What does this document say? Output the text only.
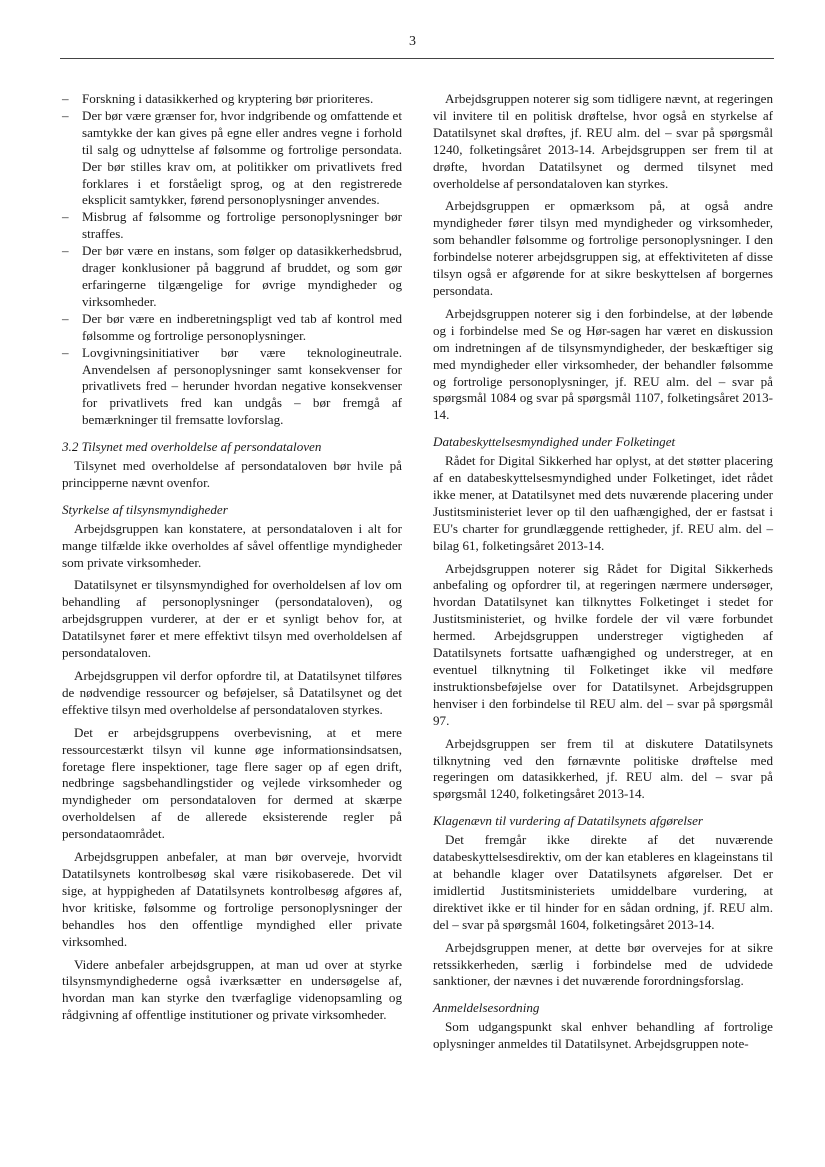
3
– Forskning i datasikkerhed og kryptering bør prioriteres.
– Der bør være grænser for, hvor indgribende og omfattende et samtykke der kan gives på egne eller andres vegne i forhold til salg og udnyttelse af følsomme og fortrolige persondata. Der bør stilles krav om, at politikker om privatlivets fred forklares i et forståeligt sprog, og at den registrerede eksplicit samtykker, førend personoplysninger anvendes.
– Misbrug af følsomme og fortrolige personoplysninger bør straffes.
– Der bør være en instans, som følger op datasikkerhedsbrud, drager konklusioner på baggrund af bruddet, og som gør erfaringerne tilgængelige for øvrige myndigheder og virksomheder.
– Der bør være en indberetningspligt ved tab af kontrol med følsomme og fortrolige personoplysninger.
– Lovgivningsinitiativer bør være teknologineutrale. Anvendelsen af personoplysninger samt konsekvenser for privatlivets fred – herunder hvordan negative konsekvenser for privatlivets fred kan undgås – bør fremgå af bemærkninger til fremsatte lovforslag.
3.2 Tilsynet med overholdelse af persondataloven

Tilsynet med overholdelse af persondataloven bør hvile på principperne nævnt ovenfor.

Styrkelse af tilsynsmyndigheder

Arbejdsgruppen kan konstatere, at persondataloven i alt for mange tilfælde ikke overholdes af såvel offentlige myndigheder som private virksomheder.

Datatilsynet er tilsynsmyndighed for overholdelsen af lov om behandling af personoplysninger (persondataloven), og arbejdsgruppen vurderer, at der er et synligt behov for, at Datatilsynet fører et mere effektivt tilsyn med overholdelsen af persondataloven.

Arbejdsgruppen vil derfor opfordre til, at Datatilsynet tilføres de nødvendige ressourcer og beføjelser, så Datatilsynet og det effektive tilsyn med overholdelse af persondataloven styrkes.

Det er arbejdsgruppens overbevisning, at et mere ressourcestærkt tilsyn vil kunne øge informationsindsatsen, foretage flere inspektioner, tage flere sager op af egen drift, nedbringe sagsbehandlingstider og vejlede virksomheder og myndigheder om persondataloven for dermed at skærpe overholdelsen af de allerede eksisterende regler på persondataområdet.

Arbejdsgruppen anbefaler, at man bør overveje, hvorvidt Datatilsynets kontrolbesøg skal være risikobaserede. Det vil sige, at hyppigheden af Datatilsynets kontrolbesøg afgøres af, hvor kritiske, følsomme og fortrolige personoplysninger der behandles hos den offentlige myndighed eller private virksomhed.

Videre anbefaler arbejdsgruppen, at man ud over at styrke tilsynsmyndighederne også iværksætter en undersøgelse af, hvordan man kan styrke den tværfaglige videnopsamling og rådgivning af offentlige institutioner og private virksomheder.

Arbejdsgruppen noterer sig som tidligere nævnt, at regeringen vil invitere til en politisk drøftelse, hvor også en styrkelse af Datatilsynet skal drøftes, jf. REU alm. del – svar på spørgsmål 1240, folketingsåret 2013-14. Arbejdsgruppen ser frem til at drøfte, hvordan Datatilsynet og dermed tilsynet med overholdelse af persondataloven kan styrkes.

Arbejdsgruppen er opmærksom på, at også andre myndigheder fører tilsyn med myndigheder og virksomheder, som behandler følsomme og fortrolige personoplysninger. I den forbindelse noterer arbejdsgruppen sig, at effektiviteten af disse tilsyn også er afgørende for at sikre beskyttelsen af borgernes persondata.

Arbejdsgruppen noterer sig i den forbindelse, at der løbende og i forbindelse med Se og Hør-sagen har været en diskussion om indretningen af de tilsynsmyndigheder, der beskæftiger sig med myndigheder eller virksomheder, der behandler følsomme og fortrolige personoplysninger, jf. REU alm. del – svar på spørgsmål 1084 og svar på spørgsmål 1107, folketingsåret 2013-14.

Databeskyttelsesmyndighed under Folketinget

Rådet for Digital Sikkerhed har oplyst, at det støtter placering af en databeskyttelsesmyndighed under Folketinget, idet rådet ikke mener, at Datatilsynet med dets nuværende placering under Justitsministeriet lever op til den uafhængighed, der er fastsat i EU's charter for grundlæggende rettigheder, jf. REU alm. del – bilag 61, folketingsåret 2013-14.

Arbejdsgruppen noterer sig Rådet for Digital Sikkerheds anbefaling og opfordrer til, at regeringen nærmere undersøger, hvordan Datatilsynet kan tilknyttes Folketinget i stedet for Justitsministeriet, og hvilke fordele der vil være forbundet hermed. Arbejdsgruppen understreger vigtigheden af Datatilsynets fortsatte uafhængighed og understreger, at en eventuel tilknytning til Folketinget ikke vil medføre instruktionsbeføjelse over for Datatilsynet. Arbejdsgruppen henviser i den forbindelse til REU alm. del – svar på spørgsmål 97.

Arbejdsgruppen ser frem til at diskutere Datatilsynets tilknytning ved den førnævnte politiske drøftelse med regeringen om datasikkerhed, jf. REU alm. del – svar på spørgsmål 1240, folketingsåret 2013-14.

Klagenævn til vurdering af Datatilsynets afgørelser

Det fremgår ikke direkte af det nuværende databeskyttelsesdirektiv, om der kan etableres en klageinstans til at behandle klager over Datatilsynets afgørelser. Det er imidlertid Justitsministeriets umiddelbare vurdering, at direktivet ikke er til hinder for en sådan ordning, jf. REU alm. del – svar på spørgsmål 1604, folketingsåret 2013-14.

Arbejdsgruppen mener, at dette bør overvejes for at sikre retssikkerheden, særlig i forbindelse med de udvidede sanktioner, der nævnes i det nuværende forordningsforslag.

Anmeldelsesordning

Som udgangspunkt skal enhver behandling af fortrolige oplysninger anmeldes til Datatilsynet. Arbejdsgruppen note-
